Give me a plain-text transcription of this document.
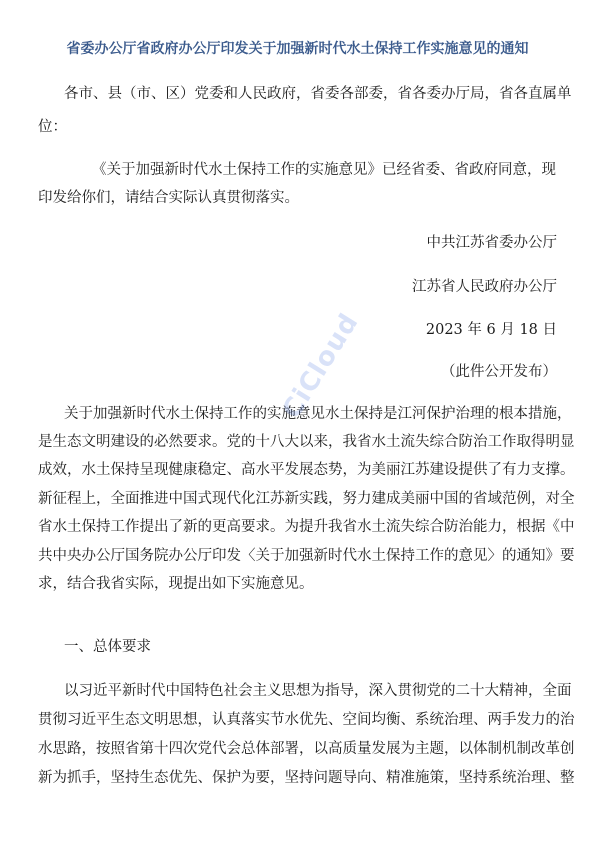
省委办公厅省政府办公厅印发关于加强新时代水土保持工作实施意见的通知
各市、县（市、区）党委和人民政府，省委各部委，省各委办厅局，省各直属单
位：
《关于加强新时代水土保持工作的实施意见》已经省委、省政府同意，现
印发给你们，请结合实际认真贯彻落实。
中共江苏省委办公厅
江苏省人民政府办公厅
2023 年 6 月 18 日
（此件公开发布）
关于加强新时代水土保持工作的实施意见水土保持是江河保护治理的根本措施，
是生态文明建设的必然要求。党的十八大以来，我省水土流失综合防治工作取得明显
成效，水土保持呈现健康稳定、高水平发展态势，为美丽江苏建设提供了有力支撑。
新征程上，全面推进中国式现代化江苏新实践，努力建成美丽中国的省域范例，对全
省水土保持工作提出了新的更高要求。为提升我省水土流失综合防治能力，根据《中
共中央办公厅国务院办公厅印发〈关于加强新时代水土保持工作的意见〉的通知》要
求，结合我省实际，现提出如下实施意见。
一、总体要求
以习近平新时代中国特色社会主义思想为指导，深入贯彻党的二十大精神，全面
贯彻习近平生态文明思想，认真落实节水优先、空间均衡、系统治理、两手发力的治
水思路，按照省第十四次党代会总体部署，以高质量发展为主题，以体制机制改革创
新为抓手，坚持生态优先、保护为要，坚持问题导向、精准施策，坚持系统治理、整
CiCloud
